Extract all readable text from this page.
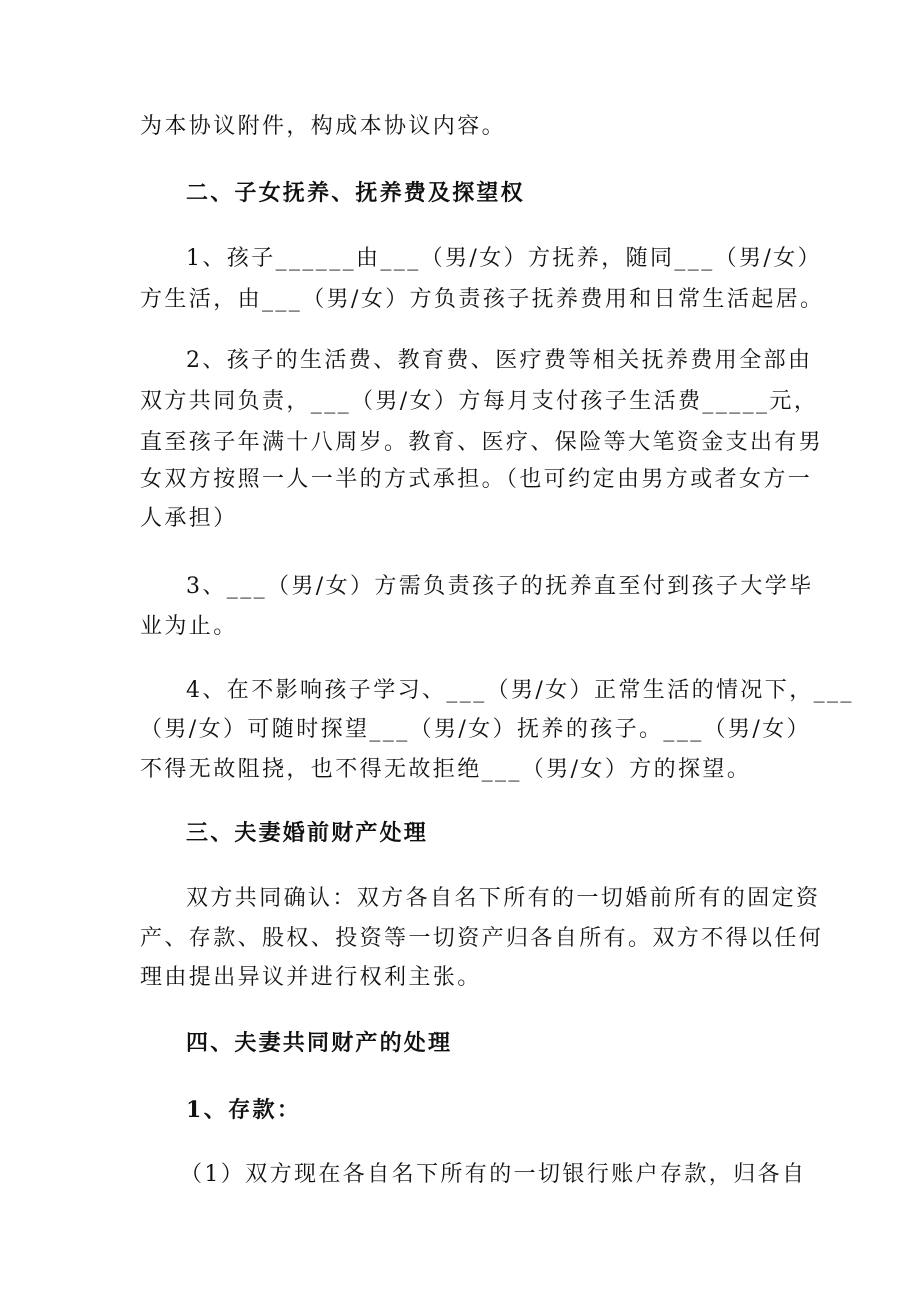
为本协议附件，构成本协议内容。
二、子女抚养、抚养费及探望权
1、孩子______由___（男/女）方抚养，随同___（男/女）
方生活，由___（男/女）方负责孩子抚养费用和日常生活起居。
2、孩子的生活费、教育费、医疗费等相关抚养费用全部由
双方共同负责，___（男/女）方每月支付孩子生活费_____元，
直至孩子年满十八周岁。教育、医疗、保险等大笔资金支出有男
女双方按照一人一半的方式承担。（也可约定由男方或者女方一
人承担）
3、___（男/女）方需负责孩子的抚养直至付到孩子大学毕
业为止。
4、在不影响孩子学习、___（男/女）正常生活的情况下，___
（男/女）可随时探望___（男/女）抚养的孩子。___（男/女）
不得无故阻挠，也不得无故拒绝___（男/女）方的探望。
三、夫妻婚前财产处理
双方共同确认：双方各自名下所有的一切婚前所有的固定资
产、存款、股权、投资等一切资产归各自所有。双方不得以任何
理由提出异议并进行权利主张。
四、夫妻共同财产的处理
1、存款：
（1）双方现在各自名下所有的一切银行账户存款，归各自
